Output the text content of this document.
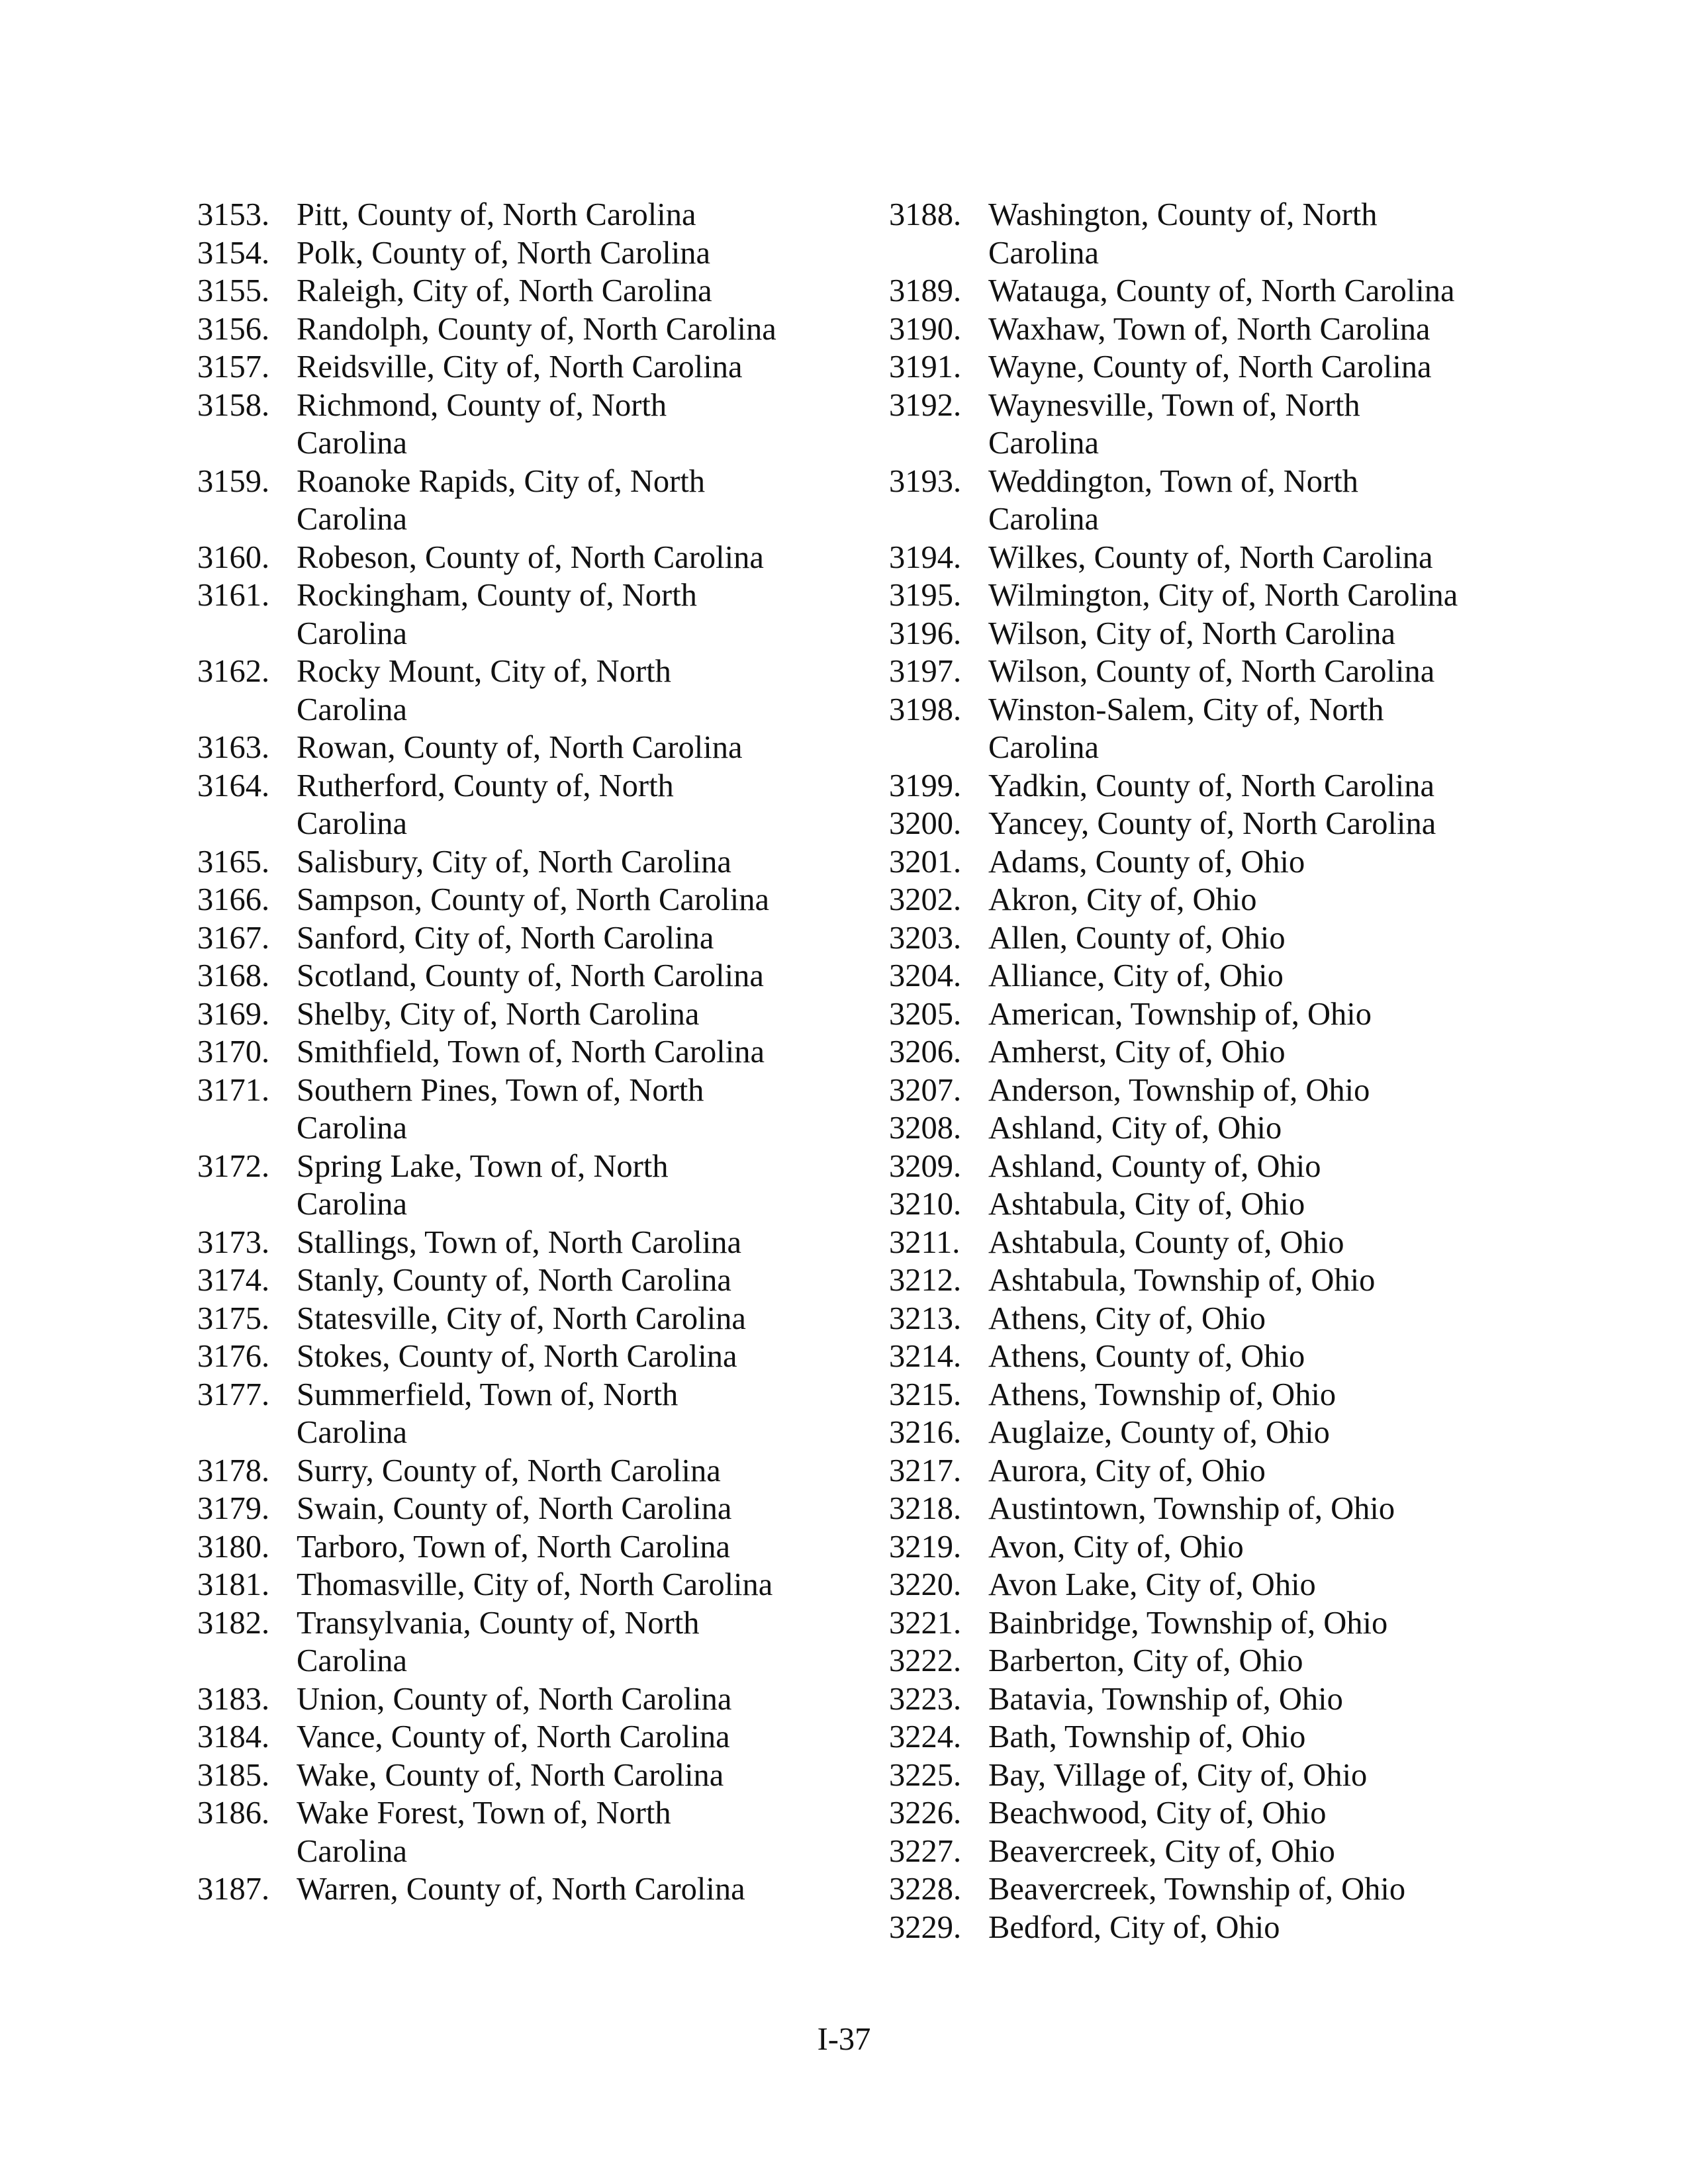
3153. Pitt, County of, North Carolina
3154. Polk, County of, North Carolina
3155. Raleigh, City of, North Carolina
3156. Randolph, County of, North Carolina
3157. Reidsville, City of, North Carolina
3158. Richmond, County of, North
Carolina
3159. Roanoke Rapids, City of, North
Carolina
3160. Robeson, County of, North Carolina
3161. Rockingham, County of, North
Carolina
3162. Rocky Mount, City of, North
Carolina
3163. Rowan, County of, North Carolina
3164. Rutherford, County of, North
Carolina
3165. Salisbury, City of, North Carolina
3166. Sampson, County of, North Carolina
3167. Sanford, City of, North Carolina
3168. Scotland, County of, North Carolina
3169. Shelby, City of, North Carolina
3170. Smithfield, Town of, North Carolina
3171. Southern Pines, Town of, North
Carolina
3172. Spring Lake, Town of, North
Carolina
3173. Stallings, Town of, North Carolina
3174. Stanly, County of, North Carolina
3175. Statesville, City of, North Carolina
3176. Stokes, County of, North Carolina
3177. Summerfield, Town of, North
Carolina
3178. Surry, County of, North Carolina
3179. Swain, County of, North Carolina
3180. Tarboro, Town of, North Carolina
3181. Thomasville, City of, North Carolina
3182. Transylvania, County of, North
Carolina
3183. Union, County of, North Carolina
3184. Vance, County of, North Carolina
3185. Wake, County of, North Carolina
3186. Wake Forest, Town of, North
Carolina
3187. Warren, County of, North Carolina
3188. Washington, County of, North
Carolina
3189. Watauga, County of, North Carolina
3190. Waxhaw, Town of, North Carolina
3191. Wayne, County of, North Carolina
3192. Waynesville, Town of, North
Carolina
3193. Weddington, Town of, North
Carolina
3194. Wilkes, County of, North Carolina
3195. Wilmington, City of, North Carolina
3196. Wilson, City of, North Carolina
3197. Wilson, County of, North Carolina
3198. Winston-Salem, City of, North
Carolina
3199. Yadkin, County of, North Carolina
3200. Yancey, County of, North Carolina
3201. Adams, County of, Ohio
3202. Akron, City of, Ohio
3203. Allen, County of, Ohio
3204. Alliance, City of, Ohio
3205. American, Township of, Ohio
3206. Amherst, City of, Ohio
3207. Anderson, Township of, Ohio
3208. Ashland, City of, Ohio
3209. Ashland, County of, Ohio
3210. Ashtabula, City of, Ohio
3211. Ashtabula, County of, Ohio
3212. Ashtabula, Township of, Ohio
3213. Athens, City of, Ohio
3214. Athens, County of, Ohio
3215. Athens, Township of, Ohio
3216. Auglaize, County of, Ohio
3217. Aurora, City of, Ohio
3218. Austintown, Township of, Ohio
3219. Avon, City of, Ohio
3220. Avon Lake, City of, Ohio
3221. Bainbridge, Township of, Ohio
3222. Barberton, City of, Ohio
3223. Batavia, Township of, Ohio
3224. Bath, Township of, Ohio
3225. Bay, Village of, City of, Ohio
3226. Beachwood, City of, Ohio
3227. Beavercreek, City of, Ohio
3228. Beavercreek, Township of, Ohio
3229. Bedford, City of, Ohio
I-37
